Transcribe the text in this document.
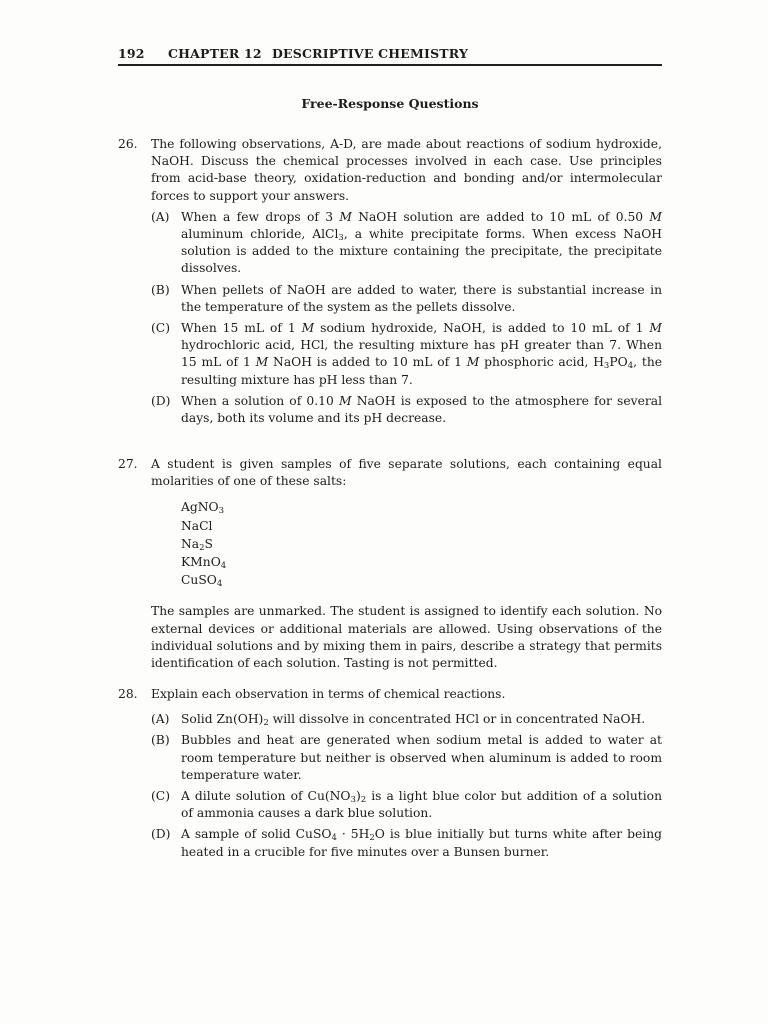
192	CHAPTER 12 DESCRIPTIVE CHEMISTRY
Free-Response Questions
26.	The following observations, A-D, are made about reactions of sodium hydroxide, NaOH. Discuss the chemical processes involved in each case. Use principles from acid-base theory, oxidation-reduction and bonding and/or intermolecular forces to support your answers.
(A) When a few drops of 3 M NaOH solution are added to 10 mL of 0.50 M aluminum chloride, AlCl$_3$, a white precipitate forms. When excess NaOH solution is added to the mixture containing the precipitate, the precipitate dissolves.
(B) When pellets of NaOH are added to water, there is substantial increase in the temperature of the system as the pellets dissolve.
(C) When 15 mL of 1 M sodium hydroxide, NaOH, is added to 10 mL of 1 M hydrochloric acid, HCl, the resulting mixture has pH greater than 7. When 15 mL of 1 M NaOH is added to 10 mL of 1 M phosphoric acid, $H_3PO_4$, the resulting mixture has pH less than 7.
(D) When a solution of 0.10 M NaOH is exposed to the atmosphere for several days, both its volume and its pH decrease.
27.	A student is given samples of five separate solutions, each containing equal molarities of one of these salts:
AgNO$_3$
NaCl
$Na_2S$
KMnO$_4$
CuSO$_4$
The samples are unmarked. The student is assigned to identify each solution. No external devices or additional materials are allowed. Using observations of the individual solutions and by mixing them in pairs, describe a strategy that permits identification of each solution. Tasting is not permitted.
28.	Explain each observation in terms of chemical reactions.
(A) Solid $Zn(OH)_2$ will dissolve in concentrated HCl or in concentrated NaOH.
(B) Bubbles and heat are generated when sodium metal is added to water at room temperature but neither is observed when aluminum is added to room temperature water.
(C) A dilute solution of $Cu(NO_3)_2$ is a light blue color but addition of a solution of ammonia causes a dark blue solution.
(D) A sample of solid CuSO$_4$ · $5H_2O$ is blue initially but turns white after being heated in a crucible for five minutes over a Bunsen burner.
